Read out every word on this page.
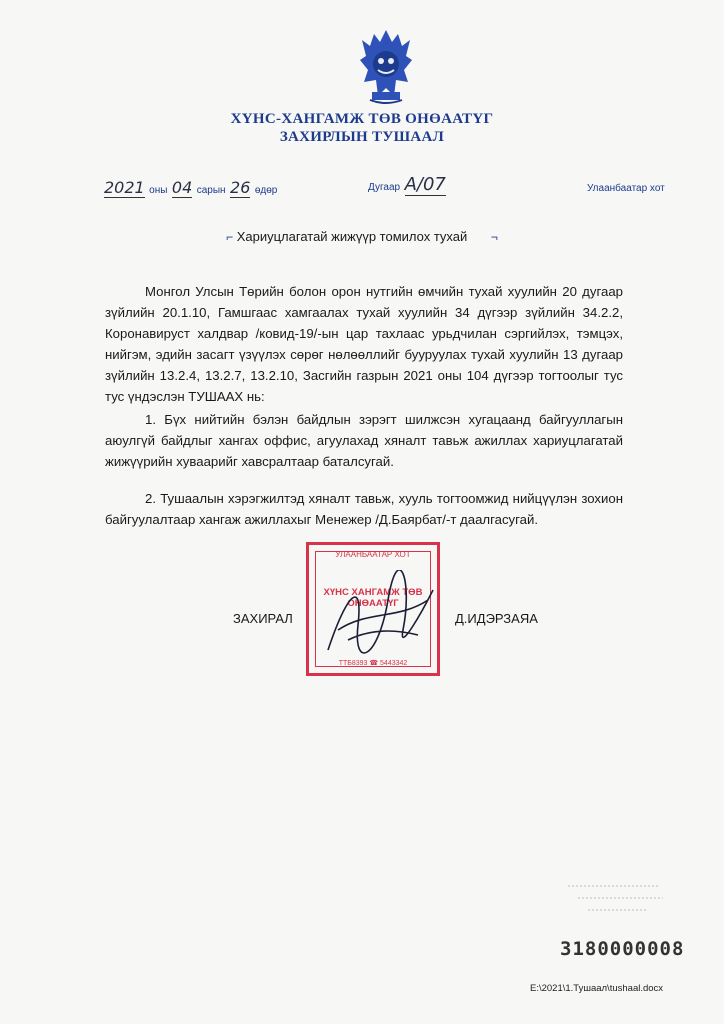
ХҮНС-ХАНГАМЖ ТӨВ ОНӨААТҮГ
ЗАХИРЛЫН ТУШААЛ
2021 оны 04 сарын 26 өдөр	Дугаар А/07	Улаанбаатар хот
⌐ Хариуцлагатай жижүүр томилох тухай ¬
Монгол Улсын Төрийн болон орон нутгийн өмчийн тухай хуулийн 20 дугаар зүйлийн 20.1.10, Гамшгаас хамгаалах тухай хуулийн 34 дүгээр зүйлийн 34.2.2, Коронавируст халдвар /ковид-19/-ын цар тахлаас урьдчилан сэргийлэх, тэмцэх, нийгэм, эдийн засагт үзүүлэх сөрөг нөлөөллийг бууруулах тухай хуулийн 13 дугаар зүйлийн 13.2.4, 13.2.7, 13.2.10, Засгийн газрын 2021 оны 104 дүгээр тогтоолыг тус тус үндэслэн ТУШААХ нь:
1. Бүх нийтийн бэлэн байдлын зэрэгт шилжсэн хугацаанд байгууллагын аюулгүй байдлыг хангах оффис, агуулахад хяналт тавьж ажиллах хариуцлагатай жижүүрийн хуваарийг хавсралтаар баталсугай.
2. Тушаалын хэрэгжилтэд хяналт тавьж, хууль тогтоомжид нийцүүлэн зохион байгуулалтаар хангаж ажиллахыг Менежер /Д.Баярбат/-т даалгасугай.
УЛААНБААТАР ХОТ
ХҮНС ХАНГАМЖ ТӨВ ОНӨААТҮГ
ТТБ8393 ☎ 5443342
ЗАХИРАЛ	Д.ИДЭРЗАЯА
3180000008
E:\2021\1.Тушаал\tushaal.docx
